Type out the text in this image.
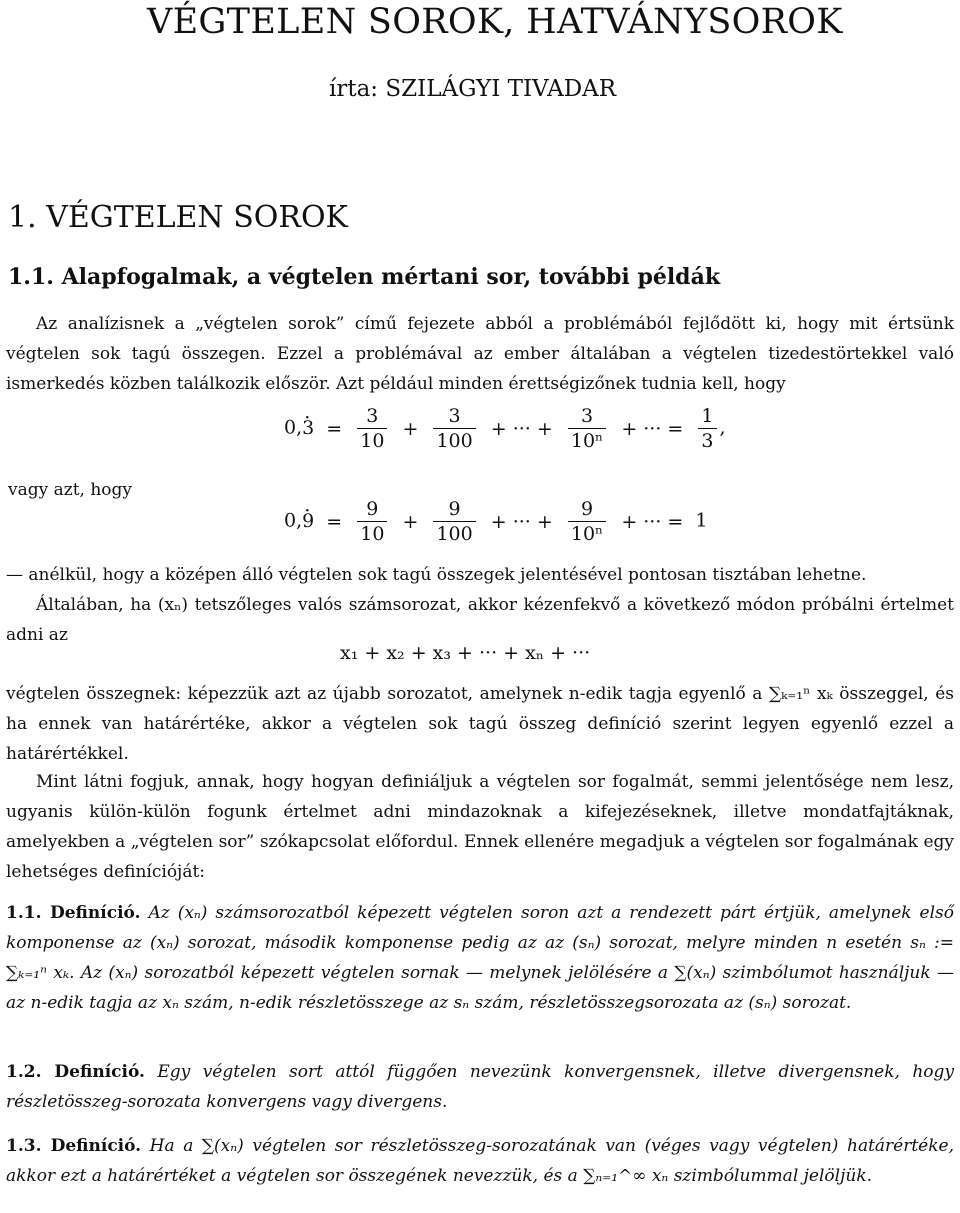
VÉGTELEN SOROK, HATVÁNYSOROK
írta: SZILÁGYI TIVADAR
1. VÉGTELEN SOROK
1.1. Alapfogalmak, a végtelen mértani sor, további példák
Az analízisnek a „végtelen sorok” című fejezete abból a problémából fejlődött ki, hogy mit értsünk végtelen sok tagú összegen. Ezzel a problémával az ember általában a végtelen tizedestörtekkel való ismerkedés közben találkozik először. Azt például minden érettségizőnek tudnia kell, hogy
$0,\cdot 3 = \frac{3}{10} + \frac{3}{100}$ + ··· + $\frac{3}{\text{10ⁿ}}$ + ··· = $\frac{1}{3}$ ,
vagy azt, hogy
$0,\cdot 9 = \frac{9}{10} + \frac{9}{100}$ + ··· + $\frac{9}{\text{10ⁿ}}$ + ··· = 1
— anélkül, hogy a középen álló végtelen sok tagú összegek jelentésével pontosan tisztában lehetne.
Általában, ha (xₙ) tetszőleges valós számsorozat, akkor kézenfekvő a következő módon próbálni értelmet adni az
x₁ + x₂ + x₃ + ··· + xₙ + ···
végtelen összegnek: képezzük azt az újabb sorozatot, amelynek n-edik tagja egyenlő a ∑ₖ₌₁ⁿ xₖ összeggel, és ha ennek van határértéke, akkor a végtelen sok tagú összeg definíció szerint legyen egyenlő ezzel a határértékkel.
Mint látni fogjuk, annak, hogy hogyan definiáljuk a végtelen sor fogalmát, semmi jelentősége nem lesz, ugyanis külön-külön fogunk értelmet adni mindazoknak a kifejezéseknek, illetve mondatfajtáknak, amelyekben a „végtelen sor” szókapcsolat előfordul. Ennek ellenére megadjuk a végtelen sor fogalmának egy lehetséges definícióját:
1.1. Definíció. Az (xₙ) számsorozatból képezett végtelen soron azt a rendezett párt értjük, amelynek első komponense az (xₙ) sorozat, második komponense pedig az az (sₙ) sorozat, melyre minden n esetén sₙ := ∑ₖ₌₁ⁿ xₖ. Az (xₙ) sorozatból képezett végtelen sornak — melynek jelölésére a ∑(xₙ) szimbólumot használjuk — az n-edik tagja az xₙ szám, n-edik részletösszege az sₙ szám, részletösszegsorozata az (sₙ) sorozat.
1.2. Definíció. Egy végtelen sort attól függően nevezünk konvergensnek, illetve divergensnek, hogy részletösszeg-sorozata konvergens vagy divergens.
1.3. Definíció. Ha a ∑(xₙ) végtelen sor részletösszeg-sorozatának van (véges vagy végtelen) határértéke, akkor ezt a határértéket a végtelen sor összegének nevezzük, és a ∑ₙ₌₁^∞ xₙ szimbólummal jelöljük.
